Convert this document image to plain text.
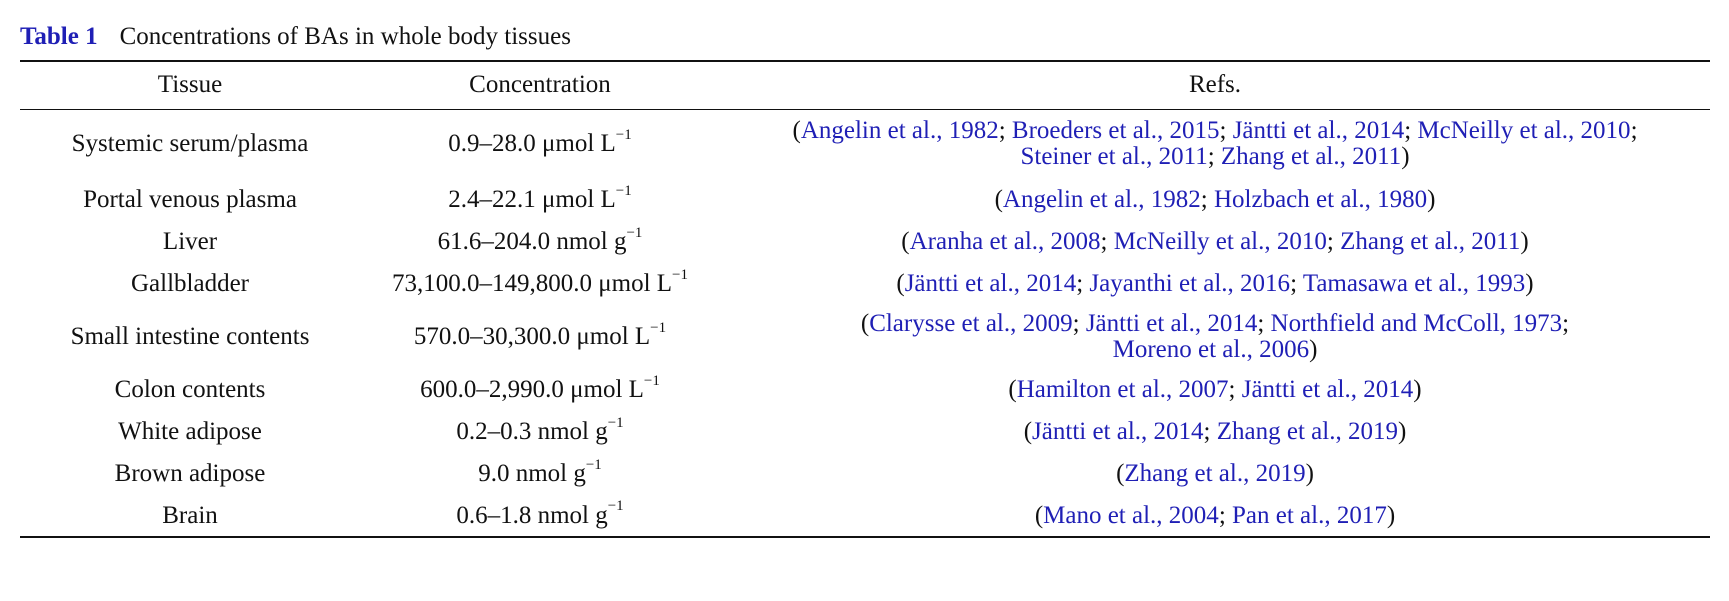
Table 1 Concentrations of BAs in whole body tissues
Tissue	Concentration	Refs.
Systemic serum/plasma	0.9–28.0 μmol $L^{-1}$	(Angelin et al., 1982; Broeders et al., 2015; Jäntti et al., 2014; McNeilly et al., 2010;
Steiner et al., 2011; Zhang et al., 2011)

Portal venous plasma	2.4–22.1 μmol $L^{-1}$	(Angelin et al., 1982; Holzbach et al., 1980)

Liver	61.6–204.0 nmol $g^{-1}$	(Aranha et al., 2008; McNeilly et al., 2010; Zhang et al., 2011)

Gallbladder	73,100.0–149,800.0 μmol $L^{-1}$	(Jäntti et al., 2014; Jayanthi et al., 2016; Tamasawa et al., 1993)

Small intestine contents	570.0–30,300.0 μmol $L^{-1}$	(Clarysse et al., 2009; Jäntti et al., 2014; Northfield and McColl, 1973;
Moreno et al., 2006)

Colon contents	600.0–2,990.0 μmol $L^{-1}$	(Hamilton et al., 2007; Jäntti et al., 2014)

White adipose	0.2–0.3 nmol $g^{-1}$	(Jäntti et al., 2014; Zhang et al., 2019)

Brown adipose	9.0 nmol $g^{-1}$	(Zhang et al., 2019)

Brain	0.6–1.8 nmol $g^{-1}$	(Mano et al., 2004; Pan et al., 2017)
